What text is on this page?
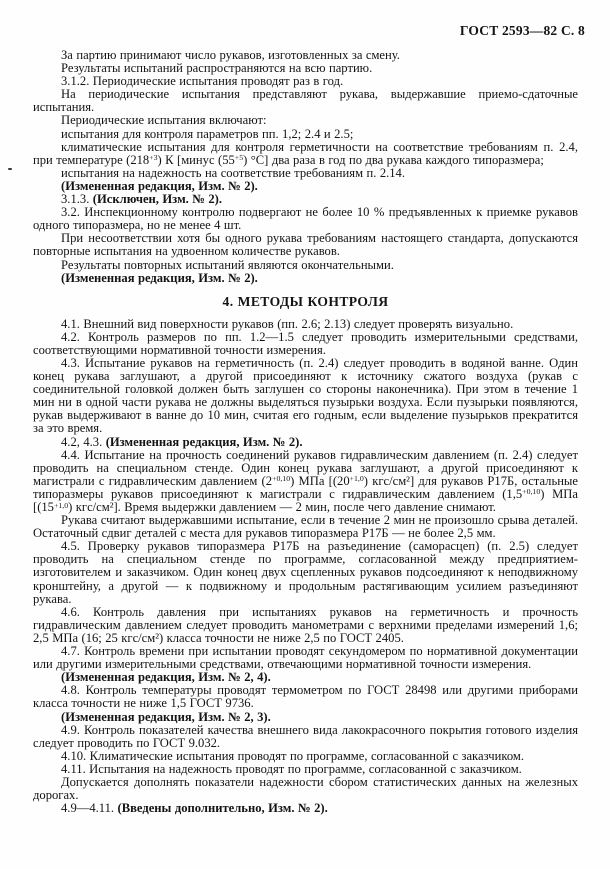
ГОСТ 2593—82 С. 8

За партию принимают число рукавов, изготовленных за смену.

Результаты испытаний распространяются на всю партию.

3.1.2. Периодические испытания проводят раз в год.

На периодические испытания представляют рукава, выдержавшие приемо-сдаточные испытания.

Периодические испытания включают:

испытания для контроля параметров пп. 1,2; 2.4 и 2.5;

климатические испытания для контроля герметичности на соответствие требованиям п. 2.4, при температуре $(218^{+3})$ К [минус $(55^{+5})$ °С] два раза в год по два рукава каждого типоразмера;

испытания на надежность на соответствие требованиям п. 2.14.

(Измененная редакция, Изм. № 2).

3.1.3. (Исключен, Изм. № 2).

3.2. Инспекционному контролю подвергают не более 10 % предъявленных к приемке рукавов одного типоразмера, но не менее 4 шт.

При несоответствии хотя бы одного рукава требованиям настоящего стандарта, допускаются повторные испытания на удвоенном количестве рукавов.

Результаты повторных испытаний являются окончательными.

(Измененная редакция, Изм. № 2).

4. МЕТОДЫ КОНТРОЛЯ

4.1. Внешний вид поверхности рукавов (пп. 2.6; 2.13) следует проверять визуально.

4.2. Контроль размеров по пп. 1.2—1.5 следует проводить измерительными средствами, соответствующими нормативной точности измерения.

4.3. Испытание рукавов на герметичность (п. 2.4) следует проводить в водяной ванне. Один конец рукава заглушают, а другой присоединяют к источнику сжатого воздуха (рукав с соединительной головкой должен быть заглушен со стороны наконечника). При этом в течение 1 мин ни в одной части рукава не должны выделяться пузырьки воздуха. Если пузырьки появляются, рукав выдерживают в ванне до 10 мин, считая его годным, если выделение пузырьков прекратится за это время.

4.2, 4.3. (Измененная редакция, Изм. № 2).

4.4. Испытание на прочность соединений рукавов гидравлическим давлением (п. 2.4) следует проводить на специальном стенде. Один конец рукава заглушают, а другой присоединяют к магистрали с гидравлическим давлением $(2^{+0,10})$ МПа [$(20^{+1,0})$ кгс/см²] для рукавов Р17Б, остальные типоразмеры рукавов присоединяют к магистрали с гидравлическим давлением $(1,5^{+0,10})$ МПа [$(15^{+1,0})$ кгс/см²]. Время выдержки давлением — 2 мин, после чего давление снимают.

Рукава считают выдержавшими испытание, если в течение 2 мин не произошло срыва деталей. Остаточный сдвиг деталей с места для рукавов типоразмера Р17Б — не более 2,5 мм.

4.5. Проверку рукавов типоразмера Р17Б на разъединение (саморасцеп) (п. 2.5) следует проводить на специальном стенде по программе, согласованной между предприятием-изготовителем и заказчиком. Один конец двух сцепленных рукавов подсоединяют к неподвижному кронштейну, а другой — к подвижному и продольным растягивающим усилием разъединяют рукава.

4.6. Контроль давления при испытаниях рукавов на герметичность и прочность гидравлическим давлением следует проводить манометрами с верхними пределами измерений 1,6; 2,5 МПа (16; 25 кгс/см²) класса точности не ниже 2,5 по ГОСТ 2405.

4.7. Контроль времени при испытании проводят секундомером по нормативной документации или другими измерительными средствами, отвечающими нормативной точности измерения.

(Измененная редакция, Изм. № 2, 4).

4.8. Контроль температуры проводят термометром по ГОСТ 28498 или другими приборами класса точности не ниже 1,5 ГОСТ 9736.

(Измененная редакция, Изм. № 2, 3).

4.9. Контроль показателей качества внешнего вида лакокрасочного покрытия готового изделия следует проводить по ГОСТ 9.032.

4.10. Климатические испытания проводят по программе, согласованной с заказчиком.

4.11. Испытания на надежность проводят по программе, согласованной с заказчиком.

Допускается дополнять показатели надежности сбором статистических данных на железных дорогах.

4.9—4.11. (Введены дополнительно, Изм. № 2).
